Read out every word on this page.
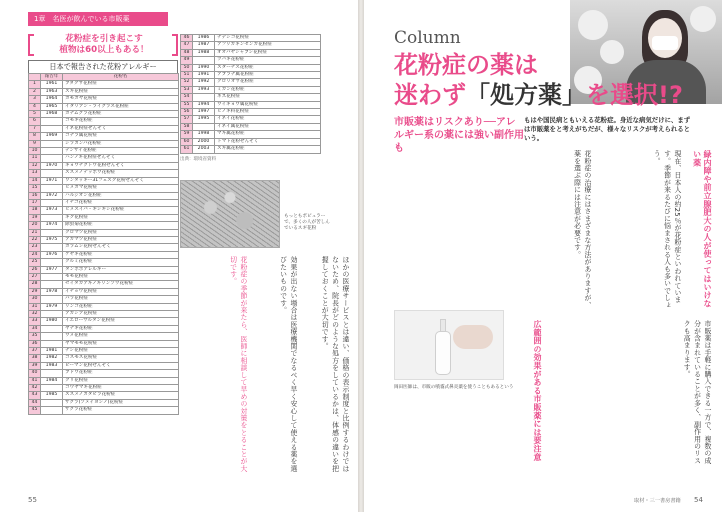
1章　名医が飲んでいる市販薬
花粉症を引き起こす
植物は60以上もある！
日本で報告された花粉アレルギー
	報告年	花粉名
1	1961	ブタクサ花粉症
2	1963	スギ花粉症
3	1964	カモガヤ花粉症
4	1965	イタリアン・ライグラス花粉症
5	1968	カナムグラ花粉症
6		コモギ花粉症
7		イネ花粉症ぜんそく
8	1969	コナラ属花粉症
9		シラカンバ花粉症
10		テンサイ花粉症
11		ハンノキ花粉症ぜんそく
12	1970	キョウチクトウ花粉ぜんそく
13		ススメノテッポウ花粉症
14	1971	ワンタッキー31フェスク花粉ぜんそく
15		ヒメガマ花粉症
16	1972	ハルジオン花粉症
17		イチゴ花粉症
18	1973	ヒメスイバ・ギシギシ花粉症
19		キク花粉症
20	1974	除虫菊花粉症
21		クロマツ花粉症
22	1975	アカマツ花粉症
23		カラムシ花粉ぜんそく
24	1976	ケヤキ花粉症
25		クルミ花粉症
26	1977	タンポポアレルギー
27		モモ花粉症
28		セイタカアキノキリンソウ花粉症
29	1978	イチョウ花粉症
30		バラ花粉症
31	1979	リンゴ花粉症
32		アカシア花粉症
33	1980	イエローサルタン花粉症
34		ヤナギ花粉症
35		ウメ花粉症
36		ヤマモモ花粉症
37	1981	ナシ花粉症
38	1982	コスモス花粉症
39	1983	ピーマン花粉ぜんそく
40		ブドウ花粉症
41	1984	クリ花粉症
42		コウヤマキ花粉症
43	1985	ススメノカタビラ花粉症
44		サクラ(ソメイヨシノ)花粉症
45		サクラ花粉症
46	1986	ナデシコ花粉症
47	1987	アフリカキンセンカ花粉症
48	1988	オオバヤシャブシ花粉症
49		ツバキ花粉症
50	1990	スターチス花粉症
51	1991	アブラナ属花粉症
52	1992	グロリオサ花粉症
53	1993	ミカン花粉症
54		ネズ花粉症
55	1994	ウイキョウ属花粉症
56	1997	ヒノキ科花粉症
57	1995	イネイ花粉症
58		イネイ属花粉症
59	1998	マキ属花粉症
60	2000	トマト花粉ぜんそく
61	2003	スギ属花粉症
出典：環境省資料
もっともポピュラーで、多くの人が苦しんでいるスギ花粉
ほかの医療サービスとは違い、価格の表示制度と比例するわけではないため、院長がどのような処方をしているかは、体感の違いを把握しておくことが大切です。
効果が出ない場合は医療機関でなるべく早く安心して使える薬を選びたいものです。
花粉症の季節が来たら、医師に相談して早めの対策をとることが大切です。
55
Column
花粉症の薬は
迷わず「処方薬」を選択!?
市販薬はリスクあり──アレルギー系の薬には強い副作用も
もはや国民病ともいえる花粉症。身近な病気だけに、まずは市販薬をと考えがちだが、様々なリスクが考えられるという。
緑内障や前立腺肥大の人が使ってはいけない薬
現在、日本人の約25％が花粉症といわれています。季節が来るたびに悩まされる人も多いでしょう。
花粉症の治療にはさまざまな方法がありますが、薬を選ぶ際には注意が必要です。
広範囲の効果がある市販薬には要注意	市販薬は手軽に購入できる一方で、複数の成分が含まれていることが多く、副作用のリスクも高まります。
岡田医師は、市販の噴霧式鼻炎薬を使うこともあるという
取材・三一書房書籍 54
